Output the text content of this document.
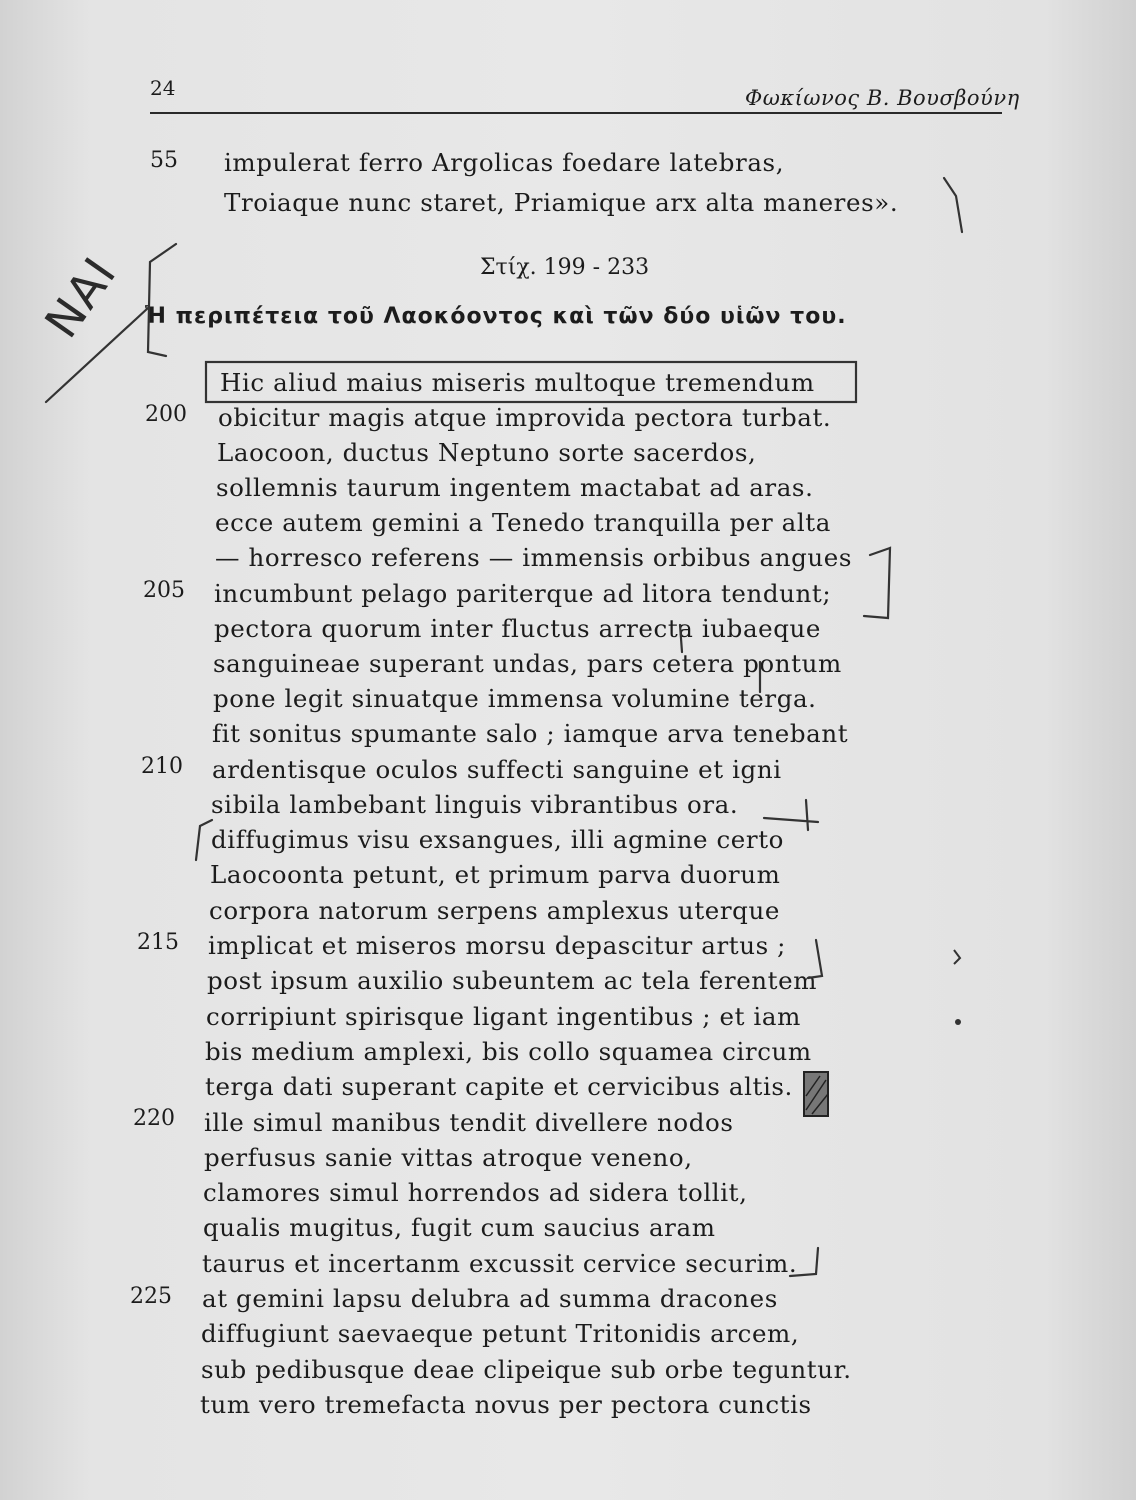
24	Φωκίωνος Β. Βουσβούνη
55 impulerat ferro Argolicas foedare latebras,
Troiaque nunc staret, Priamique arx alta maneres».
Στίχ. 199 - 233
Ἡ περιπέτεια τοῦ Λαοκόοντος καὶ τῶν δύο υἱῶν του.
NAI
200
205
210
215
220
225
Hic aliud maius miseris multoque tremendum
obicitur magis atque improvida pectora turbat.
Laocoon, ductus Neptuno sorte sacerdos,
sollemnis taurum ingentem mactabat ad aras.
ecce autem gemini a Tenedo tranquilla per alta
— horresco referens — immensis orbibus angues
incumbunt pelago pariterque ad litora tendunt;
pectora quorum inter fluctus arrecta iubaeque
sanguineae superant undas, pars cetera pontum
pone legit sinuatque immensa volumine terga.
fit sonitus spumante salo ; iamque arva tenebant
ardentisque oculos suffecti sanguine et igni
sibila lambebant linguis vibrantibus ora.
diffugimus visu exsangues, illi agmine certo
Laocoonta petunt, et primum parva duorum
corpora natorum serpens amplexus uterque
implicat et miseros morsu depascitur artus ;
post ipsum auxilio subeuntem ac tela ferentem
corripiunt spirisque ligant ingentibus ; et iam
bis medium amplexi, bis collo squamea circum
terga dati superant capite et cervicibus altis.
ille simul manibus tendit divellere nodos
perfusus sanie vittas atroque veneno,
clamores simul horrendos ad sidera tollit,
qualis mugitus, fugit cum saucius aram
taurus et incertanm excussit cervice securim.
at gemini lapsu delubra ad summa dracones
diffugiunt saevaeque petunt Tritonidis arcem,
sub pedibusque deae clipeique sub orbe teguntur.
tum vero tremefacta novus per pectora cunctis
